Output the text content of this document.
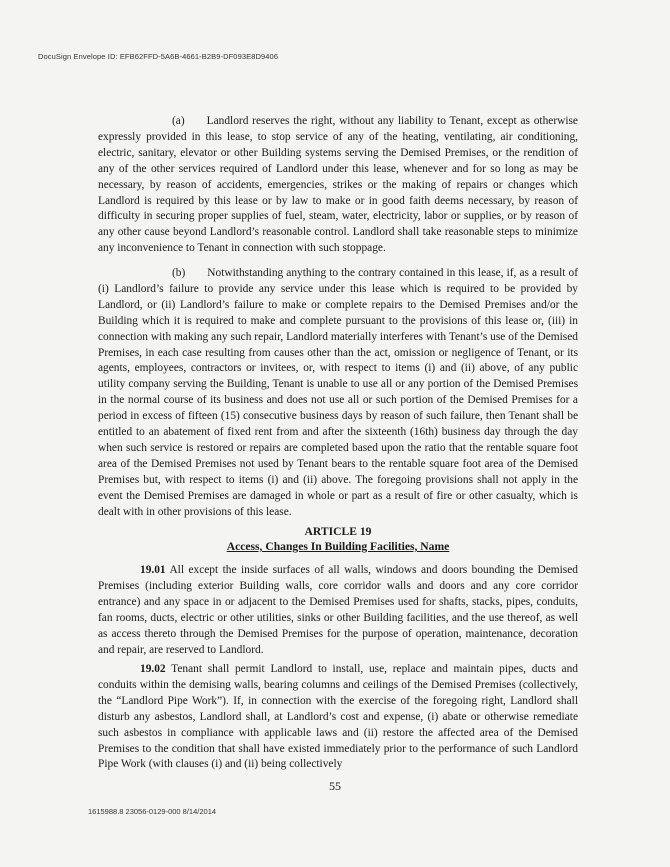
DocuSign Envelope ID: EFB62FFD-5A6B-4661-B2B9-DF093E8D9406
(a) Landlord reserves the right, without any liability to Tenant, except as otherwise expressly provided in this lease, to stop service of any of the heating, ventilating, air conditioning, electric, sanitary, elevator or other Building systems serving the Demised Premises, or the rendition of any of the other services required of Landlord under this lease, whenever and for so long as may be necessary, by reason of accidents, emergencies, strikes or the making of repairs or changes which Landlord is required by this lease or by law to make or in good faith deems necessary, by reason of difficulty in securing proper supplies of fuel, steam, water, electricity, labor or supplies, or by reason of any other cause beyond Landlord’s reasonable control. Landlord shall take reasonable steps to minimize any inconvenience to Tenant in connection with such stoppage.
(b) Notwithstanding anything to the contrary contained in this lease, if, as a result of (i) Landlord’s failure to provide any service under this lease which is required to be provided by Landlord, or (ii) Landlord’s failure to make or complete repairs to the Demised Premises and/or the Building which it is required to make and complete pursuant to the provisions of this lease or, (iii) in connection with making any such repair, Landlord materially interferes with Tenant’s use of the Demised Premises, in each case resulting from causes other than the act, omission or negligence of Tenant, or its agents, employees, contractors or invitees, or, with respect to items (i) and (ii) above, of any public utility company serving the Building, Tenant is unable to use all or any portion of the Demised Premises in the normal course of its business and does not use all or such portion of the Demised Premises for a period in excess of fifteen (15) consecutive business days by reason of such failure, then Tenant shall be entitled to an abatement of fixed rent from and after the sixteenth (16th) business day through the day when such service is restored or repairs are completed based upon the ratio that the rentable square foot area of the Demised Premises not used by Tenant bears to the rentable square foot area of the Demised Premises but, with respect to items (i) and (ii) above. The foregoing provisions shall not apply in the event the Demised Premises are damaged in whole or part as a result of fire or other casualty, which is dealt with in other provisions of this lease.
ARTICLE 19
Access, Changes In Building Facilities, Name
19.01 All except the inside surfaces of all walls, windows and doors bounding the Demised Premises (including exterior Building walls, core corridor walls and doors and any core corridor entrance) and any space in or adjacent to the Demised Premises used for shafts, stacks, pipes, conduits, fan rooms, ducts, electric or other utilities, sinks or other Building facilities, and the use thereof, as well as access thereto through the Demised Premises for the purpose of operation, maintenance, decoration and repair, are reserved to Landlord.
19.02 Tenant shall permit Landlord to install, use, replace and maintain pipes, ducts and conduits within the demising walls, bearing columns and ceilings of the Demised Premises (collectively, the “Landlord Pipe Work”). If, in connection with the exercise of the foregoing right, Landlord shall disturb any asbestos, Landlord shall, at Landlord’s cost and expense, (i) abate or otherwise remediate such asbestos in compliance with applicable laws and (ii) restore the affected area of the Demised Premises to the condition that shall have existed immediately prior to the performance of such Landlord Pipe Work (with clauses (i) and (ii) being collectively
55
1615988.8 23056-0129-000 8/14/2014
